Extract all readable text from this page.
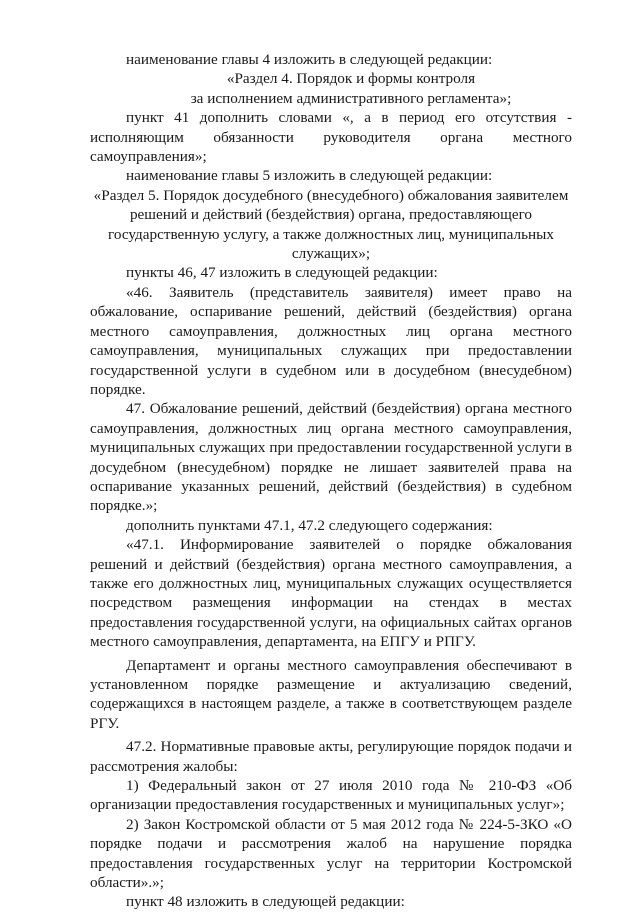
наименование главы 4 изложить в следующей редакции:

«Раздел 4. Порядок и формы контроля

за исполнением административного регламента»;

пункт 41 дополнить словами «, а в период его отсутствия - исполняющим обязанности руководителя органа местного самоуправления»;

наименование главы 5 изложить в следующей редакции:

«Раздел 5. Порядок досудебного (внесудебного) обжалования заявителем решений и действий (бездействия) органа, предоставляющего государственную услугу, а также должностных лиц, муниципальных служащих»;

пункты 46, 47 изложить в следующей редакции:

«46. Заявитель (представитель заявителя) имеет право на обжалование, оспаривание решений, действий (бездействия) органа местного самоуправления, должностных лиц органа местного самоуправления, муниципальных служащих при предоставлении государственной услуги в судебном или в досудебном (внесудебном) порядке.

47. Обжалование решений, действий (бездействия) органа местного самоуправления, должностных лиц органа местного самоуправления, муниципальных служащих при предоставлении государственной услуги в досудебном (внесудебном) порядке не лишает заявителей права на оспаривание указанных решений, действий (бездействия) в судебном порядке.»;

дополнить пунктами 47.1, 47.2 следующего содержания:

«47.1. Информирование заявителей о порядке обжалования решений и действий (бездействия) органа местного самоуправления, а также его должностных лиц, муниципальных служащих осуществляется посредством размещения информации на стендах в местах предоставления государственной услуги, на официальных сайтах органов местного самоуправления, департамента, на ЕПГУ и РПГУ.

Департамент и органы местного самоуправления обеспечивают в установленном порядке размещение и актуализацию сведений, содержащихся в настоящем разделе, а также в соответствующем разделе РГУ.

47.2. Нормативные правовые акты, регулирующие порядок подачи и рассмотрения жалобы:

1) Федеральный закон от 27 июля 2010 года № 210-ФЗ «Об организации предоставления государственных и муниципальных услуг»;

2) Закон Костромской области от 5 мая 2012 года № 224-5-ЗКО «О порядке подачи и рассмотрения жалоб на нарушение порядка предоставления государственных услуг на территории Костромской области».»;

пункт 48 изложить в следующей редакции:
